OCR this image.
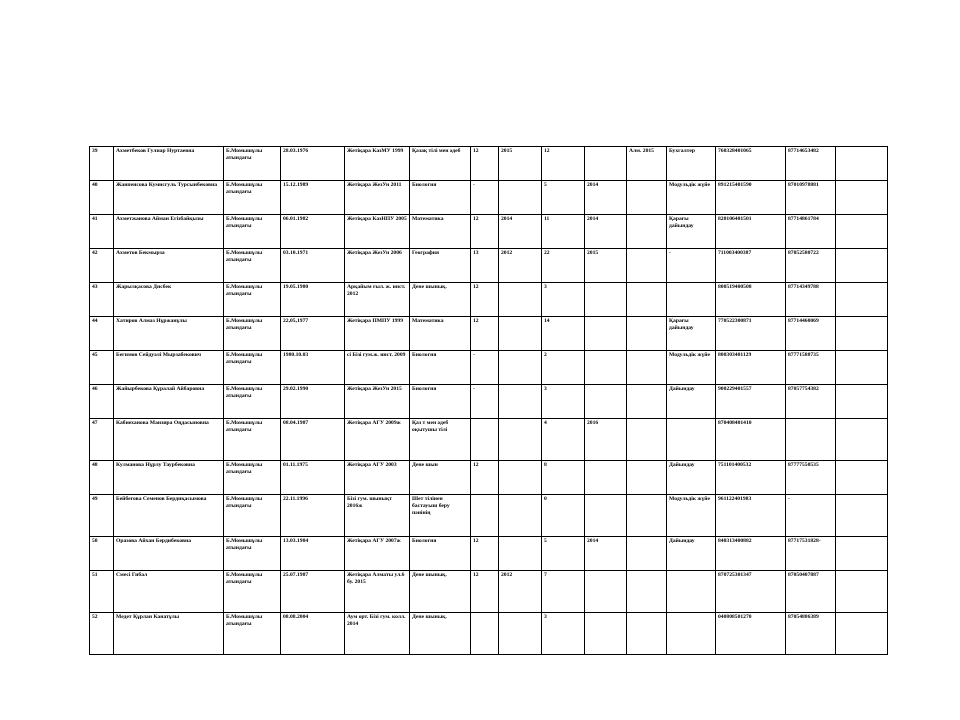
39	Ахметбеков Гулнар Нуртаевна	Б.Момышұлы атындағы	28.03.1976	Жетіқара КазМУ 1999	Қазақ тілі мен әдеб	12	2015	12		Алм. 2015	Бухгалтер	760328401065	87714653482	
40	Жанпеисова Кумисгуль Турсынбековна	Б.Момышұлы атындағы	15.12.1989	Жетіқара ЖезУн 2011	Биология	-		5	2014		Модульдік жүйе	891215401590	87010978881	
41	Ахметжанова Айман Егізбайқызы	Б.Момышұлы атындағы	06.01.1982	Жетіқара КазНПУ 2005	Математика	12	2014	11	2014		Қарағы дайындау	820106401501	87714861784	
42	Ахметов Бекмырза	Б.Момышұлы атындағы	03.10.1971	Жетіқара ЖезУн 2006	География	13	2012	22	2015		-	711003400387	87052580722	
43	Жарылқасова Дисбек	Б.Момышұлы атындағы	19.05.1980	Арқайым ғыл. ж. инст. 2012	Дене шынық.	12		3				800519400508	87714349788	
44	Хатиров Алмаз Нұржанұлы	Б.Момышұлы атындағы	22,05,1977	Жетіқара ПМПУ 1999	Математика	12		14			Қарағы дайындау	770522300871	87714460069	
45	Бегимов Сейдуәлі Мырзабекович	Б.Момышұлы атындағы	1980.10.03	сі Бізі гум.ж. инст. 2009	Биология	-		2			Модульдік жүйе	800303401129	87771588735	
46	Жайырбекова Құралай Айбаровна	Б.Момышұлы атындағы	29.02.1990	Жетіқара ЖезУн 2015	Биология	-		3			Дайындау	900229401557	87057754382	
47	Кабиеханова Манзира Оңдасыновна	Б.Момышұлы атындағы	08.04.1987	Жетіқара АГУ 2009ж	Қаз т мен әдеб оқытушы тілі			4	2016			870408401410		
48	Кулманова Нұрлу Таурбековна	Б.Момышұлы атындағы	01.11.1975	Жетіқара АГУ 2003	Дене шын	12		8			Дайындау	751101400532	87777550535	
49	Бейбегова Семенов Бердиқасымова	Б.Момышұлы атындағы	22.11.1996	Бізі гум. шынықт 2016ж	Шет тілінен бастауыш беру пәнінің			0			Модульдік жүйе	961122401983	-	
50	Оразова Айхан Бердибековна	Б.Момышұлы атындағы	13.03.1984	Жетіқара АГУ 2007ж	Биология	12		5	2014		Дайындау	840313400882	87717531828-	
51	Смесі Гибал	Б.Момышұлы атындағы	25.07.1987	Жетіқара Алматы ул.6 бу. 2015	Дене шынық.	12	2012	7				870725301347	87050407887	
52	Медет Құрлан Канатұлы	Б.Момышұлы атындағы	08.08.2004	Аум орт. Бізі гум. колл. 2014	Дене шынық.			3				040808501270	87054886389	
